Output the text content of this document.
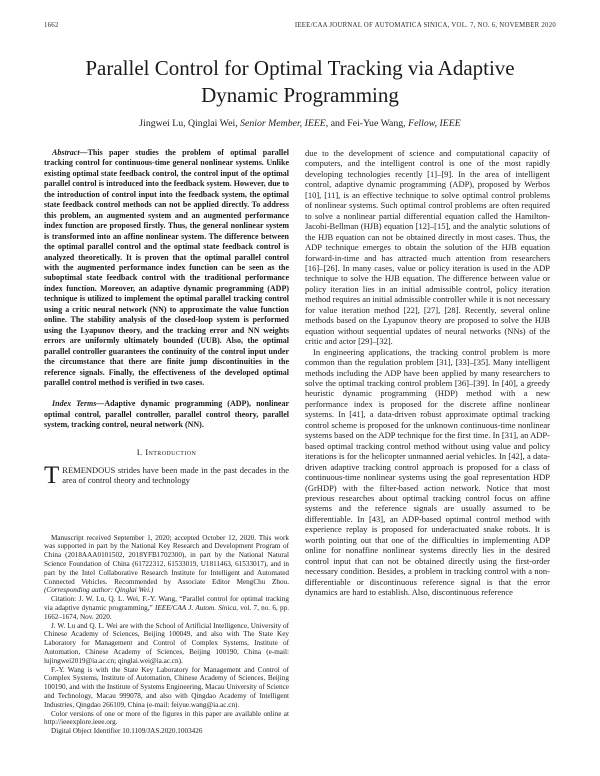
1662	IEEE/CAA JOURNAL OF AUTOMATICA SINICA, VOL. 7, NO. 6, NOVEMBER 2020
Parallel Control for Optimal Tracking via Adaptive Dynamic Programming
Jingwei Lu, Qinglai Wei, Senior Member, IEEE, and Fei-Yue Wang, Fellow, IEEE

Abstract—This paper studies the problem of optimal parallel tracking control for continuous-time general nonlinear systems. Unlike existing optimal state feedback control, the control input of the optimal parallel control is introduced into the feedback system. However, due to the introduction of control input into the feedback system, the optimal state feedback control methods can not be applied directly. To address this problem, an augmented system and an augmented performance index function are proposed firstly. Thus, the general nonlinear system is transformed into an affine nonlinear system. The difference between the optimal parallel control and the optimal state feedback control is analyzed theoretically. It is proven that the optimal parallel control with the augmented performance index function can be seen as the suboptimal state feedback control with the traditional performance index function. Moreover, an adaptive dynamic programming (ADP) technique is utilized to implement the optimal parallel tracking control using a critic neural network (NN) to approximate the value function online. The stability analysis of the closed-loop system is performed using the Lyapunov theory, and the tracking error and NN weights errors are uniformly ultimately bounded (UUB). Also, the optimal parallel controller guarantees the continuity of the control input under the circumstance that there are finite jump discontinuities in the reference signals. Finally, the effectiveness of the developed optimal parallel control method is verified in two cases.

Index Terms—Adaptive dynamic programming (ADP), nonlinear optimal control, parallel controller, parallel control theory, parallel system, tracking control, neural network (NN).

I. Introduction

TREMENDOUS strides have been made in the past decades in the area of control theory and technology

Manuscript received September 1, 2020; accepted October 12, 2020. This work was supported in part by the National Key Research and Development Program of China (2018AAA0101502, 2018YFB1702300), in part by the National Natural Science Foundation of China (61722312, 61533019, U1811463, 61533017), and in part by the Intel Collaborative Research Institute for Intelligent and Automated Connected Vehicles. Recommended by Associate Editor MengChu Zhou. (Corresponding author: Qinglai Wei.)

Citation: J. W. Lu, Q. L. Wei, F.-Y. Wang, “Parallel control for optimal tracking via adaptive dynamic programming,” IEEE/CAA J. Autom. Sinica, vol. 7, no. 6, pp. 1662–1674, Nov. 2020.

J. W. Lu and Q. L. Wei are with the School of Artificial Intelligence, University of Chinese Academy of Sciences, Beijing 100049, and also with The State Key Laboratory for Management and Control of Complex Systems, Institute of Automation, Chinese Academy of Sciences, Beijing 100190, China (e-mail: lujingwei2019@ia.ac.cn; qinglai.wei@ia.ac.cn).

F.-Y. Wang is with the State Key Laboratory for Management and Control of Complex Systems, Institute of Automation, Chinese Academy of Sciences, Beijing 100190, and with the Institute of Systems Engineering, Macau University of Science and Technology, Macau 999078, and also with Qingdao Academy of Intelligent Industries, Qingdao 266109, China (e-mail: feiyue.wang@ia.ac.cn).

Color versions of one or more of the figures in this paper are available online at http://ieeexplore.ieee.org.

Digital Object Identifier 10.1109/JAS.2020.1003426

due to the development of science and computational capacity of computers, and the intelligent control is one of the most rapidly developing technologies recently [1]–[9]. In the area of intelligent control, adaptive dynamic programming (ADP), proposed by Werbos [10], [11], is an effective technique to solve optimal control problems of nonlinear systems. Such optimal control problems are often required to solve a nonlinear partial differential equation called the Hamilton-Jacobi-Bellman (HJB) equation [12]–[15], and the analytic solutions of the HJB equation can not be obtained directly in most cases. Thus, the ADP technique emerges to obtain the solution of the HJB equation forward-in-time and has attracted much attention from researchers [16]–[26]. In many cases, value or policy iteration is used in the ADP technique to solve the HJB equation. The difference between value or policy iteration lies in an initial admissible control, policy iteration method requires an initial admissible controller while it is not necessary for value iteration method [22], [27], [28]. Recently, several online methods based on the Lyapunov theory are proposed to solve the HJB equation without sequential updates of neural networks (NNs) of the critic and actor [29]–[32].

In engineering applications, the tracking control problem is more common than the regulation problem [31], [33]–[35]. Many intelligent methods including the ADP have been applied by many researchers to solve the optimal tracking control problem [36]–[39]. In [40], a greedy heuristic dynamic programming (HDP) method with a new performance index is proposed for the discrete affine nonlinear systems. In [41], a data-driven robust approximate optimal tracking control scheme is proposed for the unknown continuous-time nonlinear systems based on the ADP technique for the first time. In [31], an ADP-based optimal tracking control method without using value and policy iterations is for the helicopter unmanned aerial vehicles. In [42], a data-driven adaptive tracking control approach is proposed for a class of continuous-time nonlinear systems using the goal representation HDP (GrHDP) with the filter-based action network. Notice that most previous researches about optimal tracking control focus on affine systems and the reference signals are usually assumed to be differentiable. In [43], an ADP-based optimal control method with experience replay is proposed for underactuated snake robots. It is worth pointing out that one of the difficulties in implementing ADP online for nonaffine nonlinear systems directly lies in the desired control input that can not be obtained directly using the first-order necessary condition. Besides, a problem in tracking control with a non-differentiable or discontinuous reference signal is that the error dynamics are hard to establish. Also, discontinuous reference
